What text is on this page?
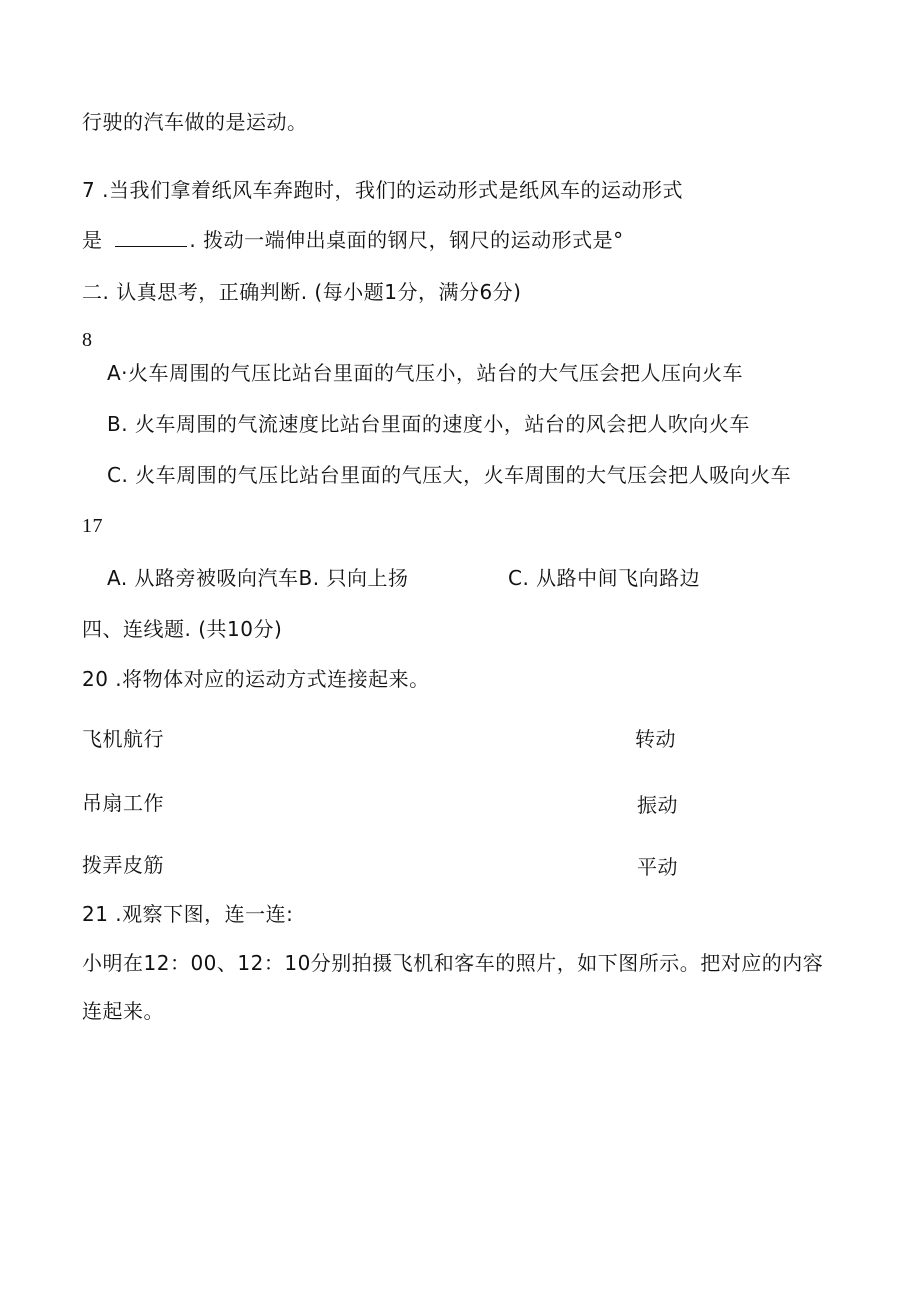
行驶的汽车做的是运动。
7 .当我们拿着纸风车奔跑时，我们的运动形式是纸风车的运动形式
是	. 拨动一端伸出桌面的钢尺，钢尺的运动形式是°
二. 认真思考，正确判断. (每小题1分，满分6分)
8
A·火车周围的气压比站台里面的气压小，站台的大气压会把人压向火车
B. 火车周围的气流速度比站台里面的速度小，站台的风会把人吹向火车
C. 火车周围的气压比站台里面的气压大，火车周围的大气压会把人吸向火车
17
A. 从路旁被吸向汽车B. 只向上扬	C. 从路中间飞向路边
四、连线题. (共10分)
20 .将物体对应的运动方式连接起来。
飞机航行	转动
吊扇工作	振动
拨弄皮筋	平动
21 .观察下图，连一连:
小明在12：00、12：10分别拍摄飞机和客车的照片，如下图所示。把对应的内容
连起来。
